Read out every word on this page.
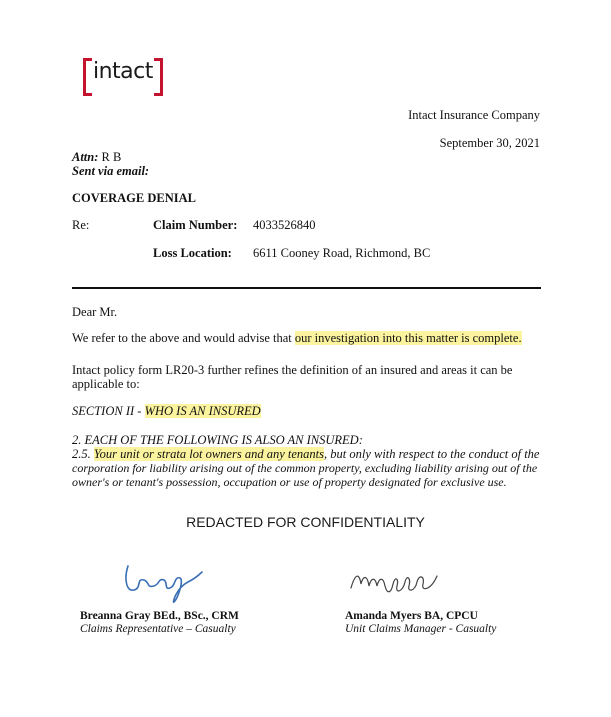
intact
Intact Insurance Company
September 30, 2021
Attn: R B
Sent via email:
COVERAGE DENIAL
Re:	Claim Number: 4033526840
Loss Location: 6611 Cooney Road, Richmond, BC
Dear Mr.
We refer to the above and would advise that our investigation into this matter is complete.
Intact policy form LR20-3 further refines the definition of an insured and areas it can be
applicable to:
SECTION II - WHO IS AN INSURED
2. EACH OF THE FOLLOWING IS ALSO AN INSURED:
2.5. Your unit or strata lot owners and any tenants, but only with respect to the conduct of the
corporation for liability arising out of the common property, excluding liability arising out of the
owner's or tenant's possession, occupation or use of property designated for exclusive use.
REDACTED FOR CONFIDENTIALITY
Breanna Gray BEd., BSc., CRM
Claims Representative – Casualty
Amanda Myers BA, CPCU
Unit Claims Manager - Casualty
